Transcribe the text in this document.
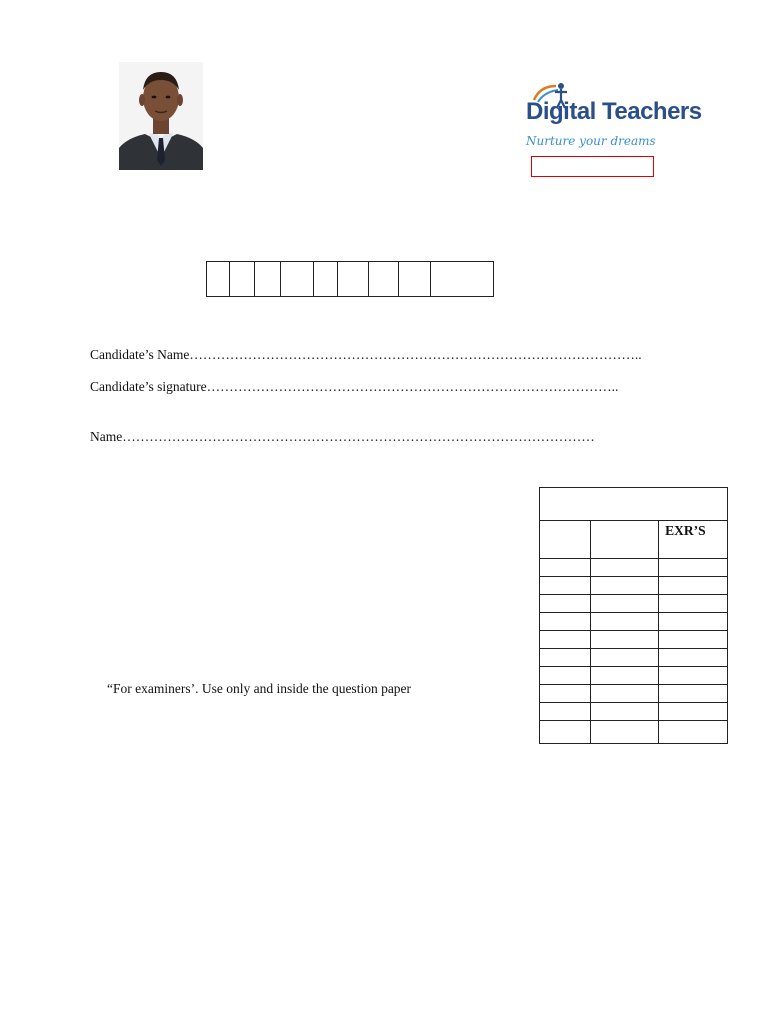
Digital Teachers
Nurture your dreams
Candidate’s Name………………………………………………………………………………………..
Candidate’s signature………………………………………………………………………………..
Name……………………………………………………………………………………………
“For examiners’. Use only and inside the question paper

		EXR’S
